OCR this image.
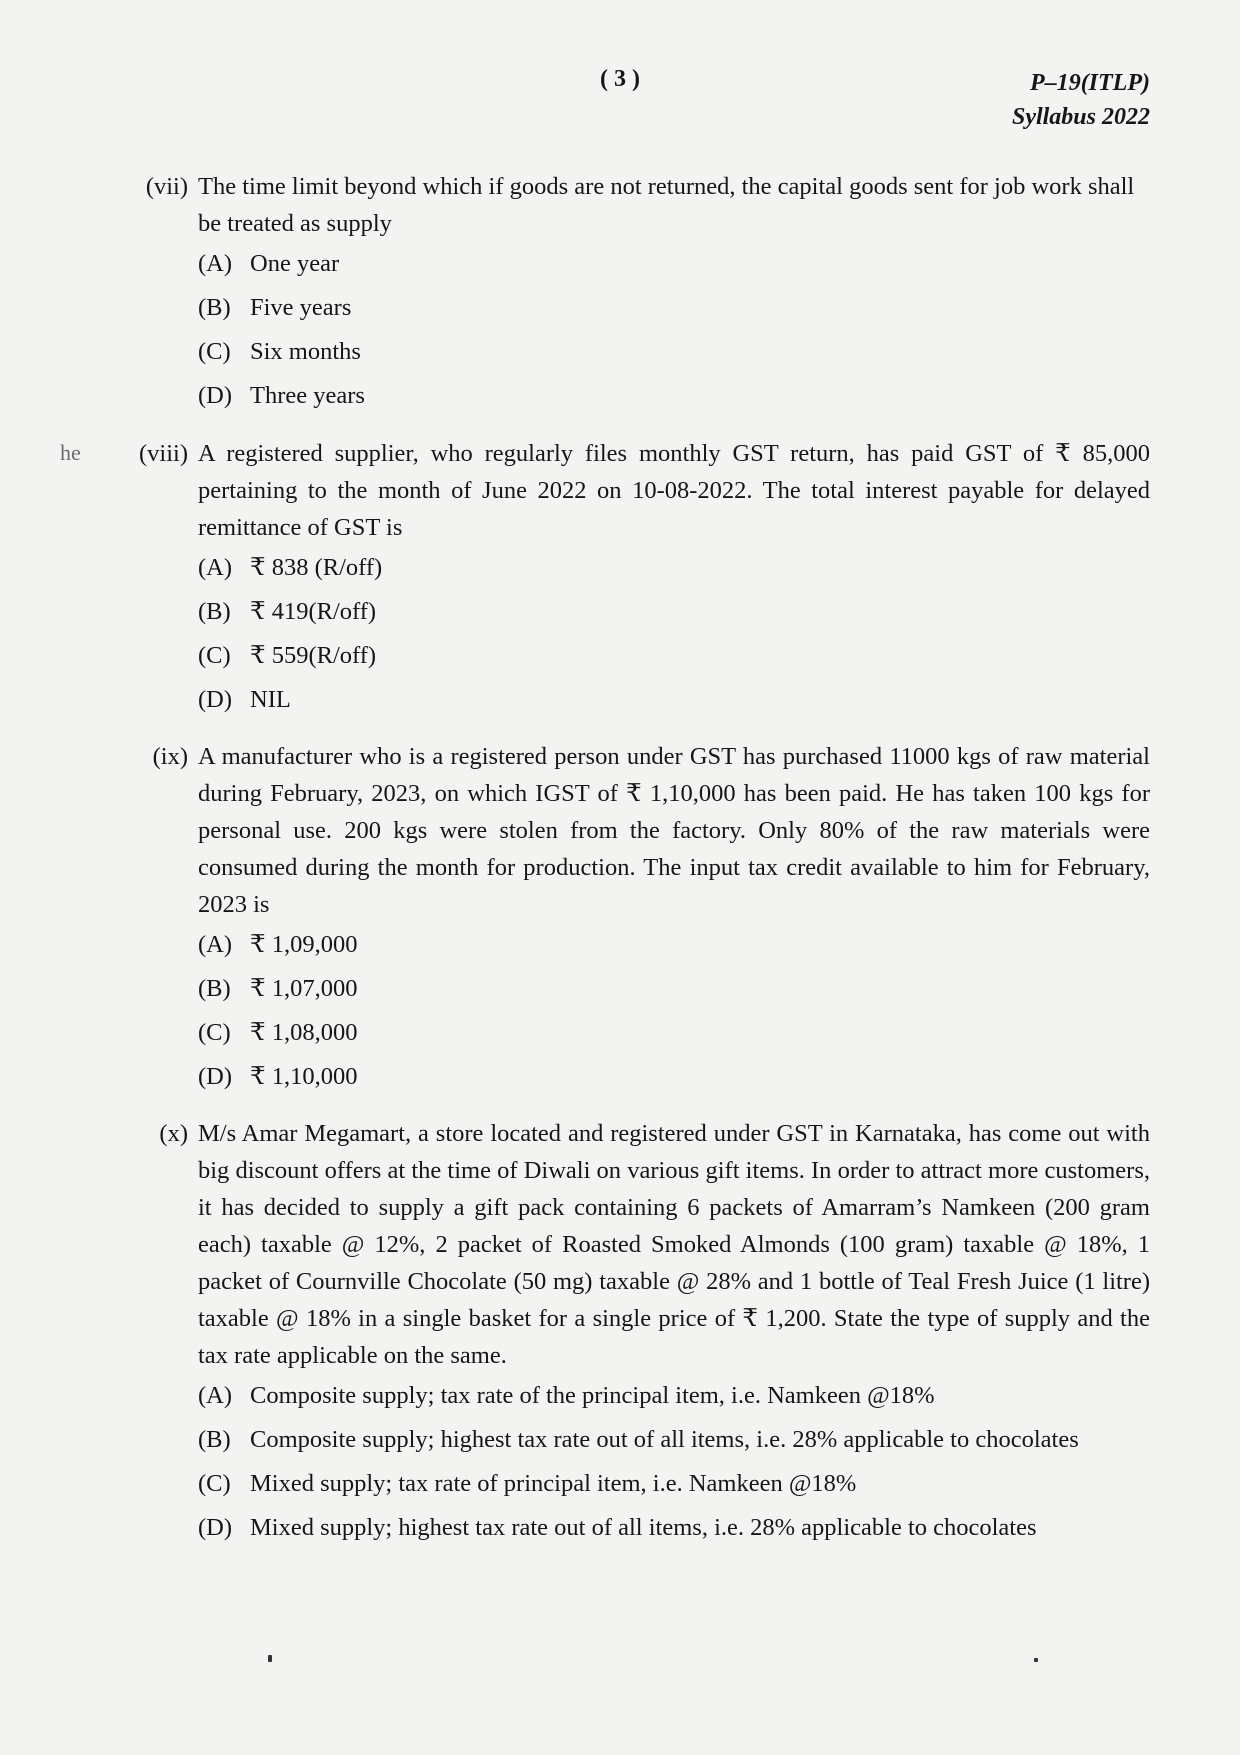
( 3 )	P–19(ITLP)
Syllabus 2022
he
(vii) The time limit beyond which if goods are not returned, the capital goods sent for job work shall be treated as supply
(A) One year
(B) Five years
(C) Six months
(D) Three years
(viii) A registered supplier, who regularly files monthly GST return, has paid GST of ₹ 85,000 pertaining to the month of June 2022 on 10-08-2022. The total interest payable for delayed remittance of GST is
(A) ₹ 838 (R/off)
(B) ₹ 419(R/off)
(C) ₹ 559(R/off)
(D) NIL
(ix) A manufacturer who is a registered person under GST has purchased 11000 kgs of raw material during February, 2023, on which IGST of ₹ 1,10,000 has been paid. He has taken 100 kgs for personal use. 200 kgs were stolen from the factory. Only 80% of the raw materials were consumed during the month for production. The input tax credit available to him for February, 2023 is
(A) ₹ 1,09,000
(B) ₹ 1,07,000
(C) ₹ 1,08,000
(D) ₹ 1,10,000
(x) M/s Amar Megamart, a store located and registered under GST in Karnataka, has come out with big discount offers at the time of Diwali on various gift items. In order to attract more customers, it has decided to supply a gift pack containing 6 packets of Amarram’s Namkeen (200 gram each) taxable @ 12%, 2 packet of Roasted Smoked Almonds (100 gram) taxable @ 18%, 1 packet of Cournville Chocolate (50 mg) taxable @ 28% and 1 bottle of Teal Fresh Juice (1 litre) taxable @ 18% in a single basket for a single price of ₹ 1,200. State the type of supply and the tax rate applicable on the same.
(A) Composite supply; tax rate of the principal item, i.e. Namkeen @18%
(B) Composite supply; highest tax rate out of all items, i.e. 28% applicable to chocolates
(C) Mixed supply; tax rate of principal item, i.e. Namkeen @18%
(D) Mixed supply; highest tax rate out of all items, i.e. 28% applicable to chocolates
